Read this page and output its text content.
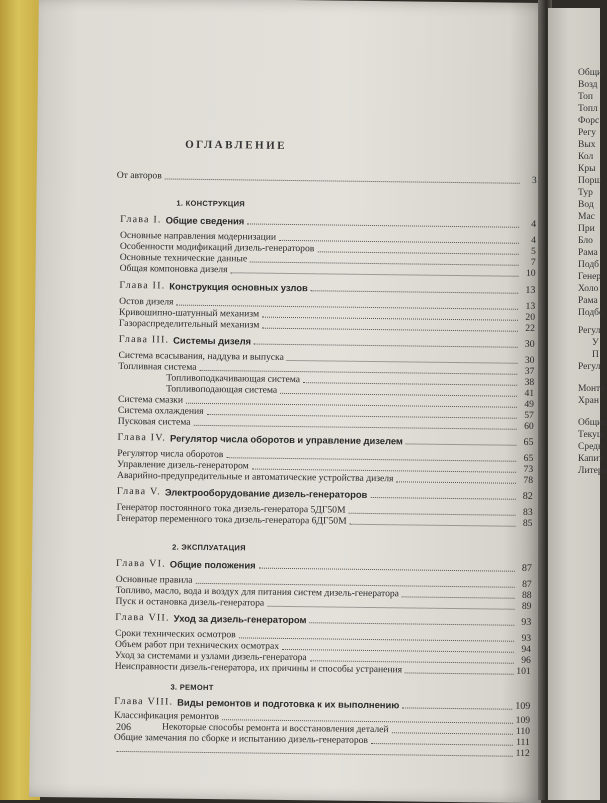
ОГЛАВЛЕНИЕ
206
От авторов	3
1. КОНСТРУКЦИЯ
Глава I. Общие сведения	4
Основные направления модернизации	4
Особенности модификаций дизель-генераторов	5
Основные технические данные	7
Общая компоновка дизеля	10
Глава II. Конструкция основных узлов	13
Остов дизеля	13
Кривошипно-шатунный механизм	20
Газораспределительный механизм	22
Глава III. Системы дизеля	30
Система всасывания, наддува и выпуска	30
Топливная система	37
Топливоподкачивающая система	38
Топливоподающая система	41
Система смазки	49
Система охлаждения	57
Пусковая система	60
Глава IV. Регулятор числа оборотов и управление дизелем	65
Регулятор числа оборотов	65
Управление дизель-генератором	73
Аварийно-предупредительные и автоматические устройства дизеля	78
Глава V. Электрооборудование дизель-генераторов	82
Генератор постоянного тока дизель-генератора 5ДГ50М	83
Генератор переменного тока дизель-генератора 6ДГ50М	85
2. ЭКСПЛУАТАЦИЯ
Глава VI. Общие положения	87
Основные правила	87
Топливо, масло, вода и воздух для питания систем дизель-генератора	88
Пуск и остановка дизель-генератора	89
Глава VII. Уход за дизель-генератором	93
Сроки технических осмотров	93
Объем работ при технических осмотрах	94
Уход за системами и узлами дизель-генератора	96
Неисправности дизель-генератора, их причины и способы устранения	101
3. РЕМОНТ
Глава VIII. Виды ремонтов и подготовка к их выполнению	109
Классификация ремонтов	109
Некоторые способы ремонта и восстановления деталей	110
Общие замечания по сборке и испытанию дизель-генераторов	111
112
Общи
Возд
Топ
Топл
Форс
Регу
Вых
Кол
Кры
Порш
Тур
Вод
Мас
При
Бло
Рама
Подб
Генер
Холо
Рама
Подбо
Регул
У
П
Регул
Монта
Хран
Общие
Текущ
Средн
Капит
Литера
